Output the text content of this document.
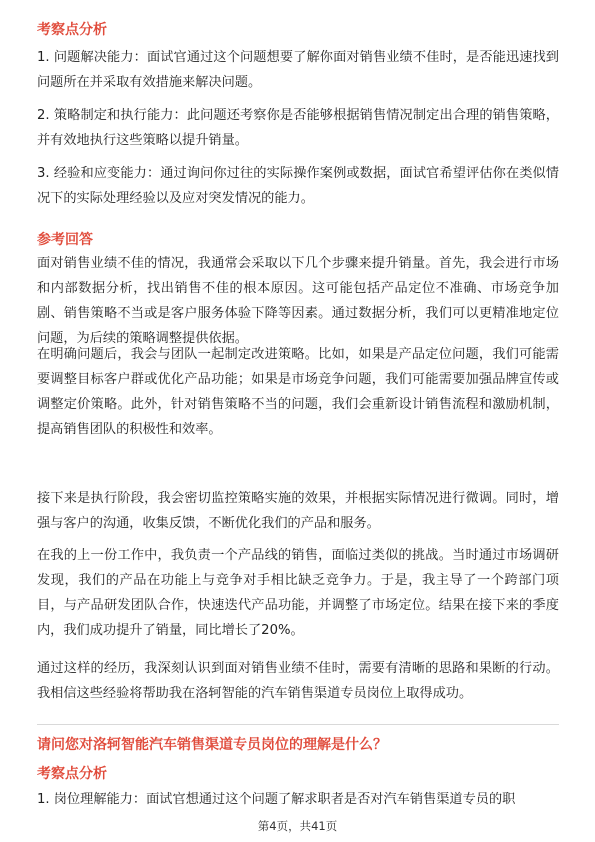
考察点分析
1. 问题解决能力：面试官通过这个问题想要了解你面对销售业绩不佳时，是否能迅速找到问题所在并采取有效措施来解决问题。
2. 策略制定和执行能力：此问题还考察你是否能够根据销售情况制定出合理的销售策略，并有效地执行这些策略以提升销量。
3. 经验和应变能力：通过询问你过往的实际操作案例或数据，面试官希望评估你在类似情况下的实际处理经验以及应对突发情况的能力。
参考回答
面对销售业绩不佳的情况，我通常会采取以下几个步骤来提升销量。首先，我会进行市场和内部数据分析，找出销售不佳的根本原因。这可能包括产品定位不准确、市场竞争加剧、销售策略不当或是客户服务体验下降等因素。通过数据分析，我们可以更精准地定位问题，为后续的策略调整提供依据。
在明确问题后，我会与团队一起制定改进策略。比如，如果是产品定位问题，我们可能需要调整目标客户群或优化产品功能；如果是市场竞争问题，我们可能需要加强品牌宣传或调整定价策略。此外，针对销售策略不当的问题，我们会重新设计销售流程和激励机制，提高销售团队的积极性和效率。
接下来是执行阶段，我会密切监控策略实施的效果，并根据实际情况进行微调。同时，增强与客户的沟通，收集反馈，不断优化我们的产品和服务。
在我的上一份工作中，我负责一个产品线的销售，面临过类似的挑战。当时通过市场调研发现，我们的产品在功能上与竞争对手相比缺乏竞争力。于是，我主导了一个跨部门项目，与产品研发团队合作，快速迭代产品功能，并调整了市场定位。结果在接下来的季度内，我们成功提升了销量，同比增长了20%。
通过这样的经历，我深刻认识到面对销售业绩不佳时，需要有清晰的思路和果断的行动。我相信这些经验将帮助我在洛轲智能的汽车销售渠道专员岗位上取得成功。
请问您对洛轲智能汽车销售渠道专员岗位的理解是什么？
考察点分析
1. 岗位理解能力：面试官想通过这个问题了解求职者是否对汽车销售渠道专员的职
第4页，共41页
